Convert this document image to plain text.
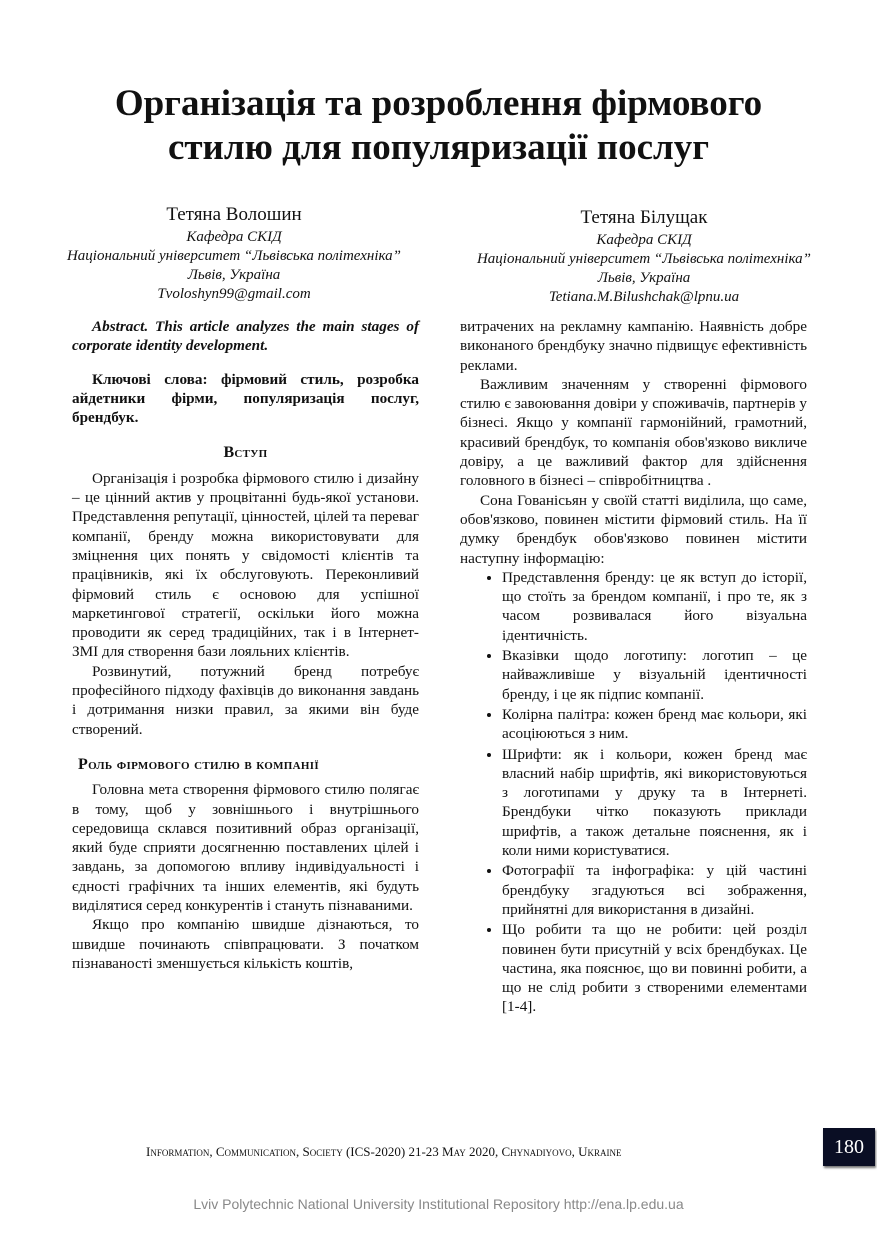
Організація та розроблення фірмового
стилю для популяризації послуг
Тетяна Волошин
Кафедра СКІД
Національний університет “Львівська політехніка”
Львів, Україна
Tvoloshyn99@gmail.com
Тетяна Білущак
Кафедра СКІД
Національний університет “Львівська політехніка”
Львів, Україна
Tetiana.M.Bilushchak@lpnu.ua

Abstract. This article analyzes the main stages of corporate identity development.

Ключові слова: фірмовий стиль, розробка айдетники фірми, популяризація послуг, брендбук.

Вступ

Організація і розробка фірмового стилю і дизайну – це цінний актив у процвітанні будь-якої установи. Представлення репутації, цінностей, цілей та переваг компанії, бренду можна використовувати для зміцнення цих понять у свідомості клієнтів та працівників, які їх обслуговують. Переконливий фірмовий стиль є основою для успішної маркетингової стратегії, оскільки його можна проводити як серед традиційних, так і в Інтернет-ЗМІ для створення бази лояльних клієнтів.

Розвинутий, потужний бренд потребує професійного підходу фахівців до виконання завдань і дотримання низки правил, за якими він буде створений.

Роль фірмового стилю в компанії

Головна мета створення фірмового стилю полягає в тому, щоб у зовнішнього і внутрішнього середовища склався позитивний образ організації, який буде сприяти досягненню поставлених цілей і завдань, за допомогою впливу індивідуальності і єдності графічних та інших елементів, які будуть виділятися серед конкурентів і стануть пізнаваними.

Якщо про компанію швидше дізнаються, то швидше починають співпрацювати. З початком пізнаваності зменшується кількість коштів,

витрачених на рекламну кампанію. Наявність добре виконаного брендбуку значно підвищує ефективність реклами.

Важливим значенням у створенні фірмового стилю є завоювання довіри у споживачів, партнерів у бізнесі. Якщо у компанії гармонійний, грамотний, красивий брендбук, то компанія обов'язково викличе довіру, а це важливий фактор для здійснення головного в бізнесі – співробітництва .

Сона Гованісьян у своїй статті виділила, що саме, обов'язково, повинен містити фірмовий стиль. На її думку брендбук обов'язково повинен містити наступну інформацію:

• Представлення бренду: це як вступ до історії, що стоїть за брендом компанії, і про те, як з часом розвивалася його візуальна ідентичність.
• Вказівки щодо логотипу: логотип – це найважливіше у візуальній ідентичності бренду, і це як підпис компанії.
• Колірна палітра: кожен бренд має кольори, які асоціюються з ним.
• Шрифти: як і кольори, кожен бренд має власний набір шрифтів, які використовуються з логотипами у друку та в Інтернеті. Брендбуки чітко показують приклади шрифтів, а також детальне пояснення, як і коли ними користуватися.
• Фотографії та інфографіка: у цій частині брендбуку згадуються всі зображення, прийнятні для використання в дизайні.
• Що робити та що не робити: цей розділ повинен бути присутній у всіх брендбуках. Це частина, яка пояснює, що ви повинні робити, а що не слід робити з створеними елементами [1-4].
Information, Communication, Society (ICS-2020) 21-23 May 2020, Chynadiyovo, Ukraine	180
Lviv Polytechnic National University Institutional Repository http://ena.lp.edu.ua
